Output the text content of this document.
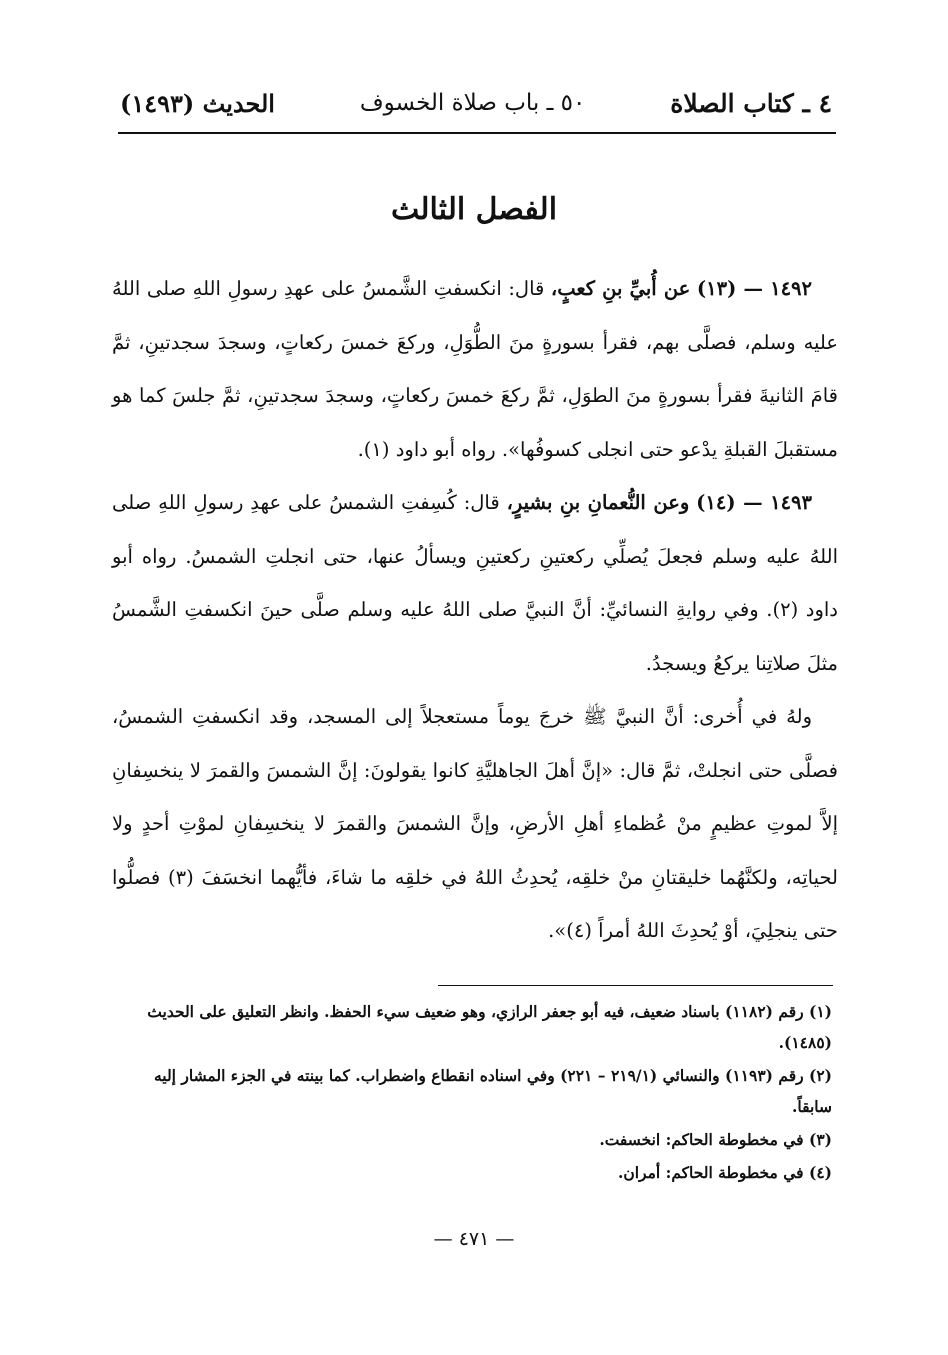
٤ ـ كتاب الصلاة
٥٠ ـ باب صلاة الخسوف
الحديث (١٤٩٣)
الفصل الثالث

١٤٩٢ — (١٣) عن أُبيِّ بنِ كعبٍ، قال: انكسفتِ الشَّمسُ على عهدِ رسولِ اللهِ صلى اللهُ عليه وسلم، فصلَّى بهم، فقرأ بسورةٍ منَ الطُّوَلِ، وركعَ خمسَ ركعاتٍ، وسجدَ سجدتينِ، ثمَّ قامَ الثانيةَ فقرأ بسورةٍ منَ الطوَلِ، ثمَّ ركعَ خمسَ ركعاتٍ، وسجدَ سجدتينِ، ثمَّ جلسَ كما هو مستقبلَ القبلةِ يدْعو حتى انجلى كسوفُها». رواه أبو داود (١).

١٤٩٣ — (١٤) وعن النُّعمانِ بنِ بشيرٍ، قال: كُسِفتِ الشمسُ على عهدِ رسولِ اللهِ صلى اللهُ عليه وسلم فجعلَ يُصلِّي ركعتينِ ركعتينِ ويسألُ عنها، حتى انجلتِ الشمسُ. رواه أبو داود (٢). وفي روايةِ النسائيِّ: أنَّ النبيَّ صلى اللهُ عليه وسلم صلَّى حينَ انكسفتِ الشَّمسُ مثلَ صلاتِنا يركعُ ويسجدُ.

ولهُ في أُخرى: أنَّ النبيَّ ﷺ خرجَ يوماً مستعجلاً إلى المسجد، وقد انكسفتِ الشمسُ، فصلَّى حتى انجلتْ، ثمَّ قال: «إنَّ أهلَ الجاهليَّةِ كانوا يقولونَ: إنَّ الشمسَ والقمرَ لا ينخسِفانِ إلاَّ لموتِ عظيمٍ منْ عُظماءِ أهلِ الأرضِ، وإنَّ الشمسَ والقمرَ لا ينخسِفانِ لموْتِ أحدٍ ولا لحياتِه، ولكنَّهُما خليقتانِ منْ خلقِه، يُحدِثُ اللهُ في خلقِه ما شاءَ، فأيُّهما انخسَفَ (٣) فصلُّوا حتى ينجلِيَ، أوْ يُحدِثَ اللهُ أمراً (٤)».

(١) رقم (١١٨٢) باسناد ضعيف، فيه أبو جعفر الرازي، وهو ضعيف سيء الحفظ. وانظر التعليق على الحديث (١٤٨٥).

(٢) رقم (١١٩٣) والنسائي (٢١٩/١ – ٢٢١) وفي اسناده انقطاع واضطراب. كما بينته في الجزء المشار إليه سابقاً.

(٣) في مخطوطة الحاكم: انخسفت.

(٤) في مخطوطة الحاكم: أمران.

— ٤٧١ —
